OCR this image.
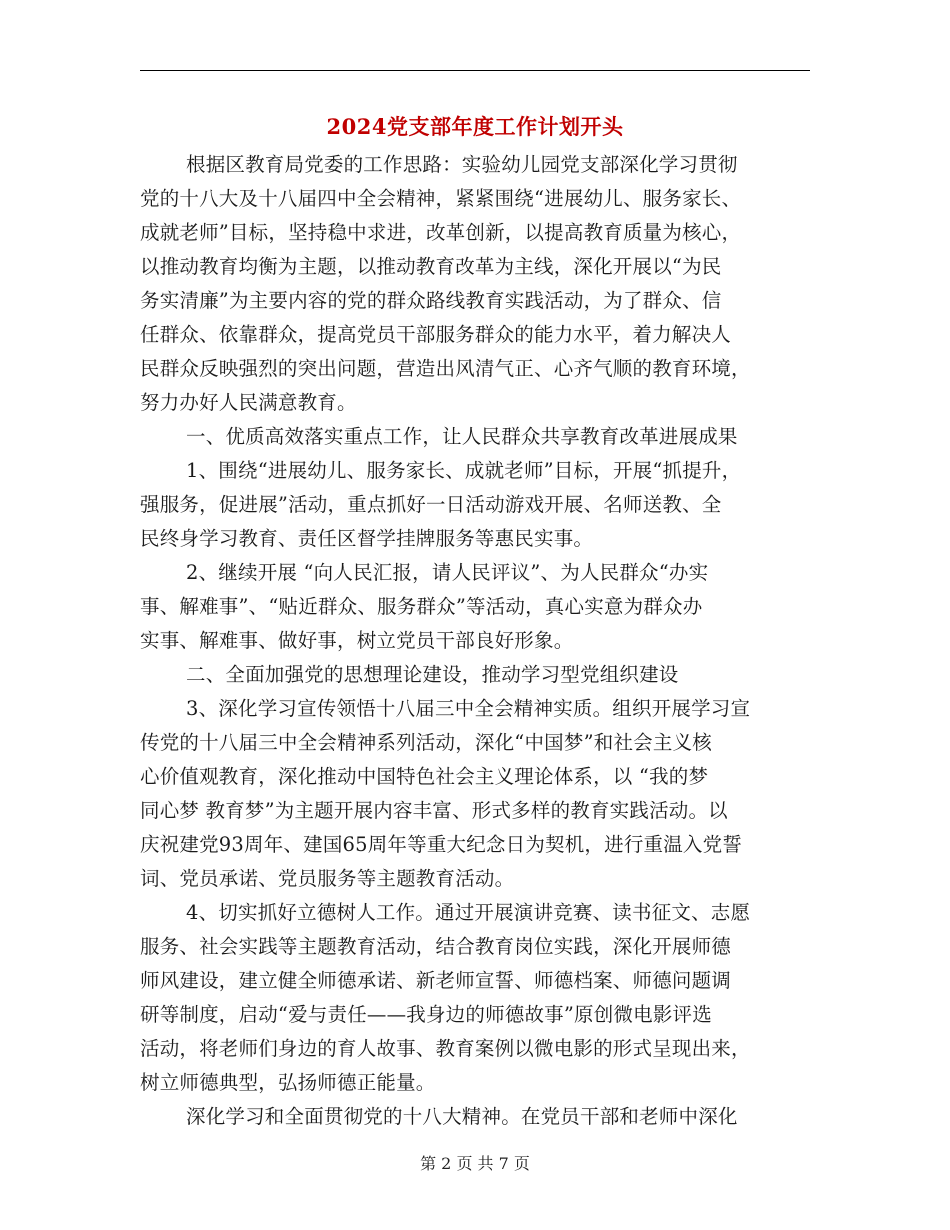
2024党支部年度工作计划开头
根据区教育局党委的工作思路：实验幼儿园党支部深化学习贯彻
党的十八大及十八届四中全会精神，紧紧围绕“进展幼儿、服务家长、
成就老师”目标，坚持稳中求进，改革创新，以提高教育质量为核心，
以推动教育均衡为主题，以推动教育改革为主线，深化开展以“为民
务实清廉”为主要内容的党的群众路线教育实践活动，为了群众、信
任群众、依靠群众，提高党员干部服务群众的能力水平，着力解决人
民群众反映强烈的突出问题，营造出风清气正、心齐气顺的教育环境，
努力办好人民满意教育。
一、优质高效落实重点工作，让人民群众共享教育改革进展成果
1、围绕“进展幼儿、服务家长、成就老师”目标，开展“抓提升，
强服务，促进展”活动，重点抓好一日活动游戏开展、名师送教、全
民终身学习教育、责任区督学挂牌服务等惠民实事。
2、继续开展 “向人民汇报，请人民评议”、为人民群众“办实
事、解难事”、“贴近群众、服务群众”等活动，真心实意为群众办
实事、解难事、做好事，树立党员干部良好形象。
二、全面加强党的思想理论建设，推动学习型党组织建设
3、深化学习宣传领悟十八届三中全会精神实质。组织开展学习宣
传党的十八届三中全会精神系列活动，深化“中国梦”和社会主义核
心价值观教育，深化推动中国特色社会主义理论体系，以 “我的梦
同心梦 教育梦”为主题开展内容丰富、形式多样的教育实践活动。以
庆祝建党93周年、建国65周年等重大纪念日为契机，进行重温入党誓
词、党员承诺、党员服务等主题教育活动。
4、切实抓好立德树人工作。通过开展演讲竞赛、读书征文、志愿
服务、社会实践等主题教育活动，结合教育岗位实践，深化开展师德
师风建设，建立健全师德承诺、新老师宣誓、师德档案、师德问题调
研等制度，启动“爱与责任——我身边的师德故事”原创微电影评选
活动，将老师们身边的育人故事、教育案例以微电影的形式呈现出来，
树立师德典型，弘扬师德正能量。
深化学习和全面贯彻党的十八大精神。在党员干部和老师中深化
第 2 页 共 7 页
